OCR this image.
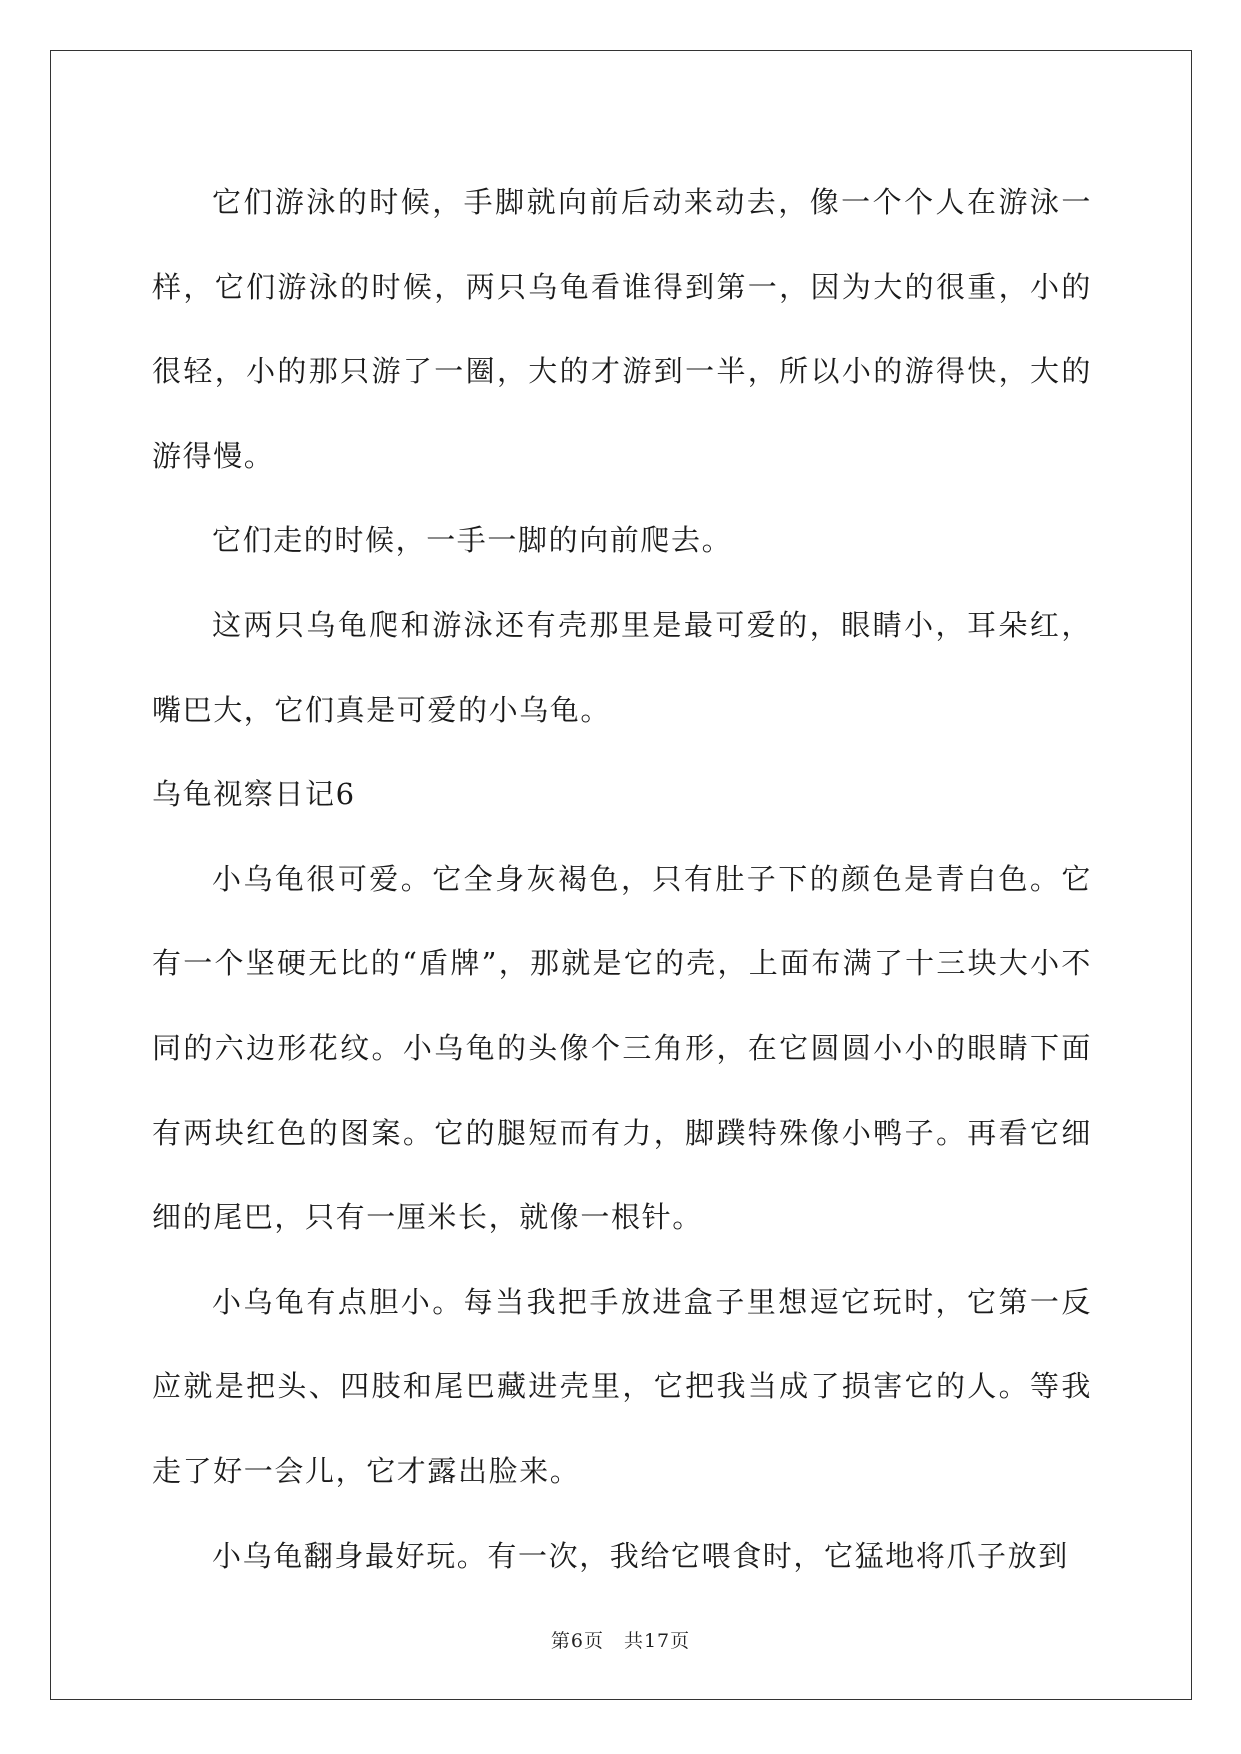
它们游泳的时候，手脚就向前后动来动去，像一个个人在游泳一样，它们游泳的时候，两只乌龟看谁得到第一，因为大的很重，小的很轻，小的那只游了一圈，大的才游到一半，所以小的游得快，大的游得慢。

它们走的时候，一手一脚的向前爬去。

这两只乌龟爬和游泳还有壳那里是最可爱的，眼睛小，耳朵红，嘴巴大，它们真是可爱的小乌龟。

乌龟视察日记6

小乌龟很可爱。它全身灰褐色，只有肚子下的颜色是青白色。它有一个坚硬无比的“盾牌”，那就是它的壳，上面布满了十三块大小不同的六边形花纹。小乌龟的头像个三角形，在它圆圆小小的眼睛下面有两块红色的图案。它的腿短而有力，脚蹼特殊像小鸭子。再看它细细的尾巴，只有一厘米长，就像一根针。

小乌龟有点胆小。每当我把手放进盒子里想逗它玩时，它第一反应就是把头、四肢和尾巴藏进壳里，它把我当成了损害它的人。等我走了好一会儿，它才露出脸来。

小乌龟翻身最好玩。有一次，我给它喂食时，它猛地将爪子放到

第6页 共17页
